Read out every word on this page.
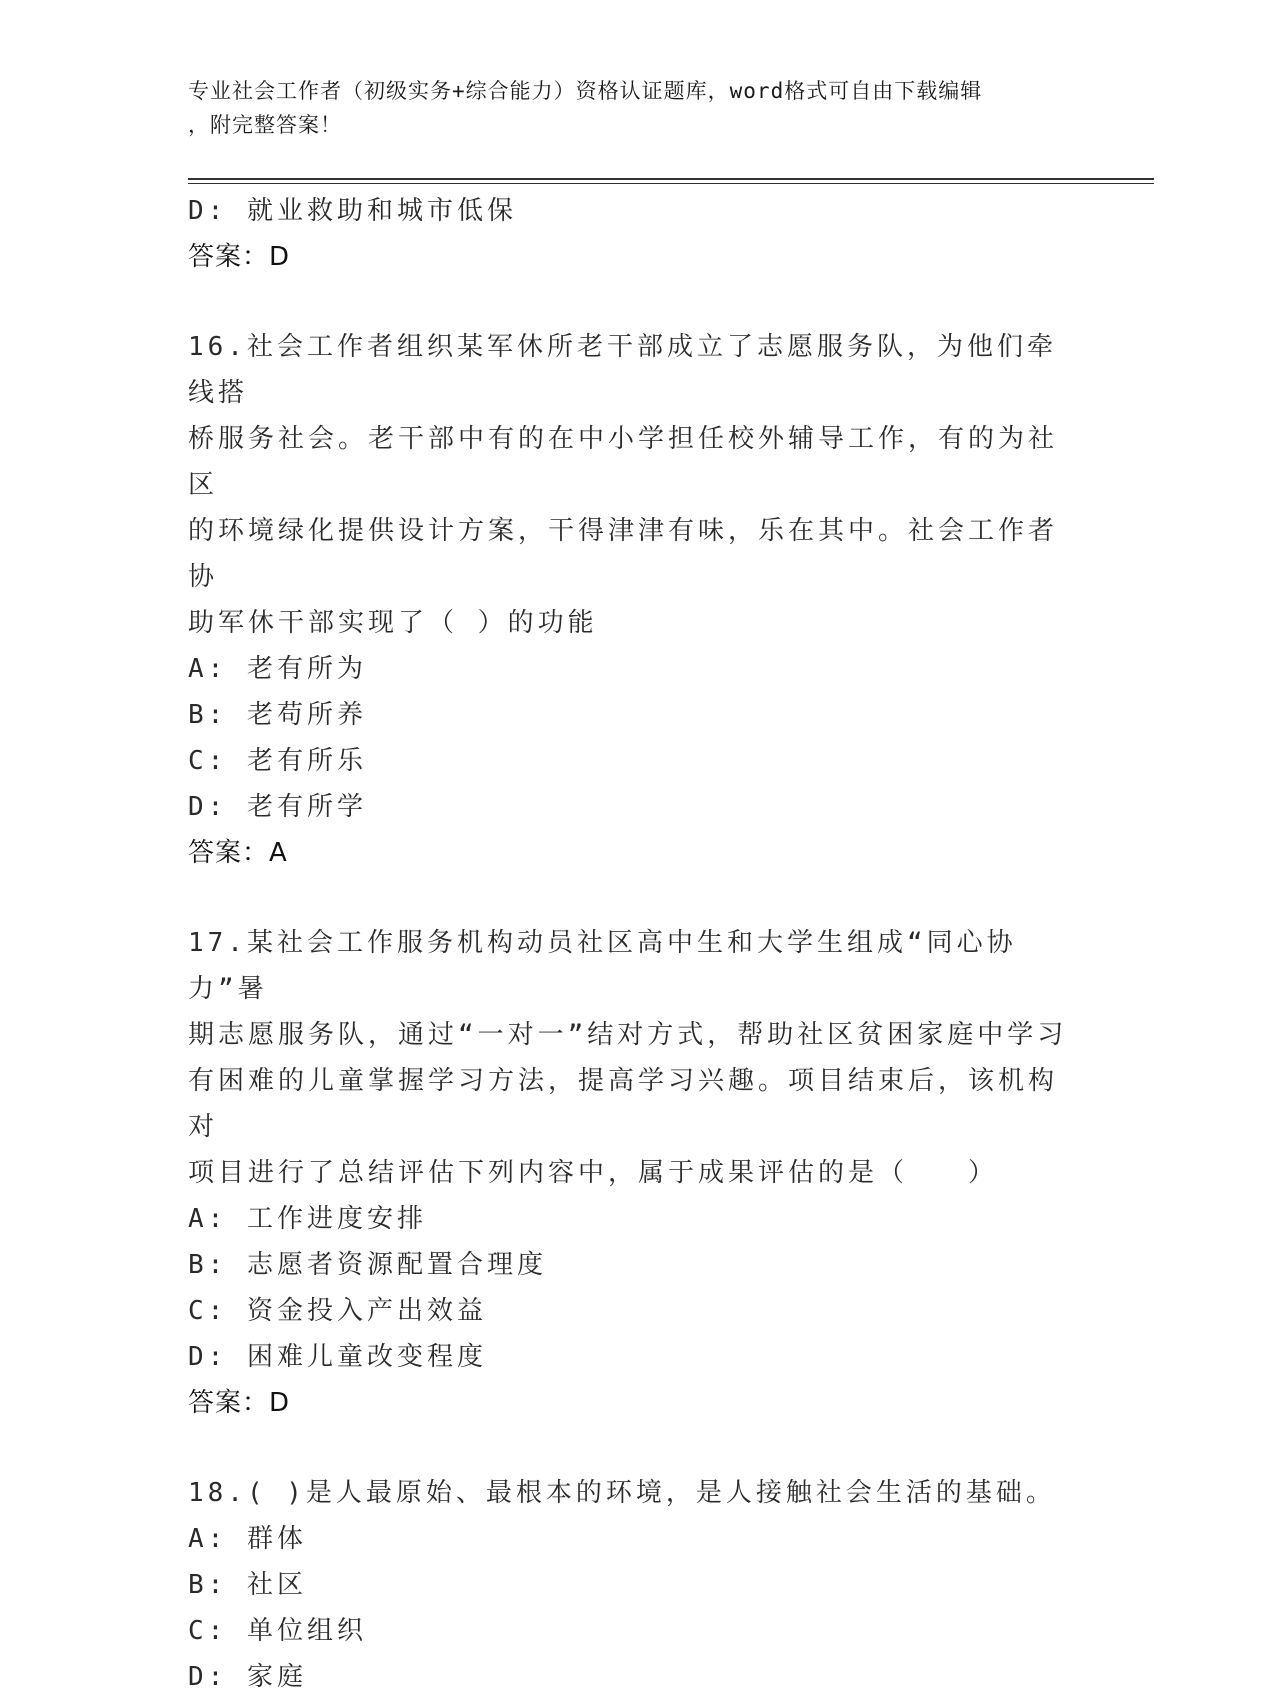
专业社会工作者（初级实务+综合能力）资格认证题库，word格式可自由下载编辑
，附完整答案！
D: 就业救助和城市低保
答案：D
16.社会工作者组织某军休所老干部成立了志愿服务队，为他们牵线搭
桥服务社会。老干部中有的在中小学担任校外辅导工作，有的为社区
的环境绿化提供设计方案，干得津津有味，乐在其中。社会工作者协
助军休干部实现了（ ）的功能
A: 老有所为
B: 老苟所养
C: 老有所乐
D: 老有所学
答案：A
17.某社会工作服务机构动员社区高中生和大学生组成“同心协力”暑
期志愿服务队，通过“一对一”结对方式，帮助社区贫困家庭中学习
有困难的儿童掌握学习方法，提高学习兴趣。项目结束后，该机构对
项目进行了总结评估下列内容中，属于成果评估的是（　　）
A: 工作进度安排
B: 志愿者资源配置合理度
C: 资金投入产出效益
D: 困难儿童改变程度
答案：D
18.( )是人最原始、最根本的环境，是人接触社会生活的基础。
A: 群体
B: 社区
C: 单位组织
D: 家庭
